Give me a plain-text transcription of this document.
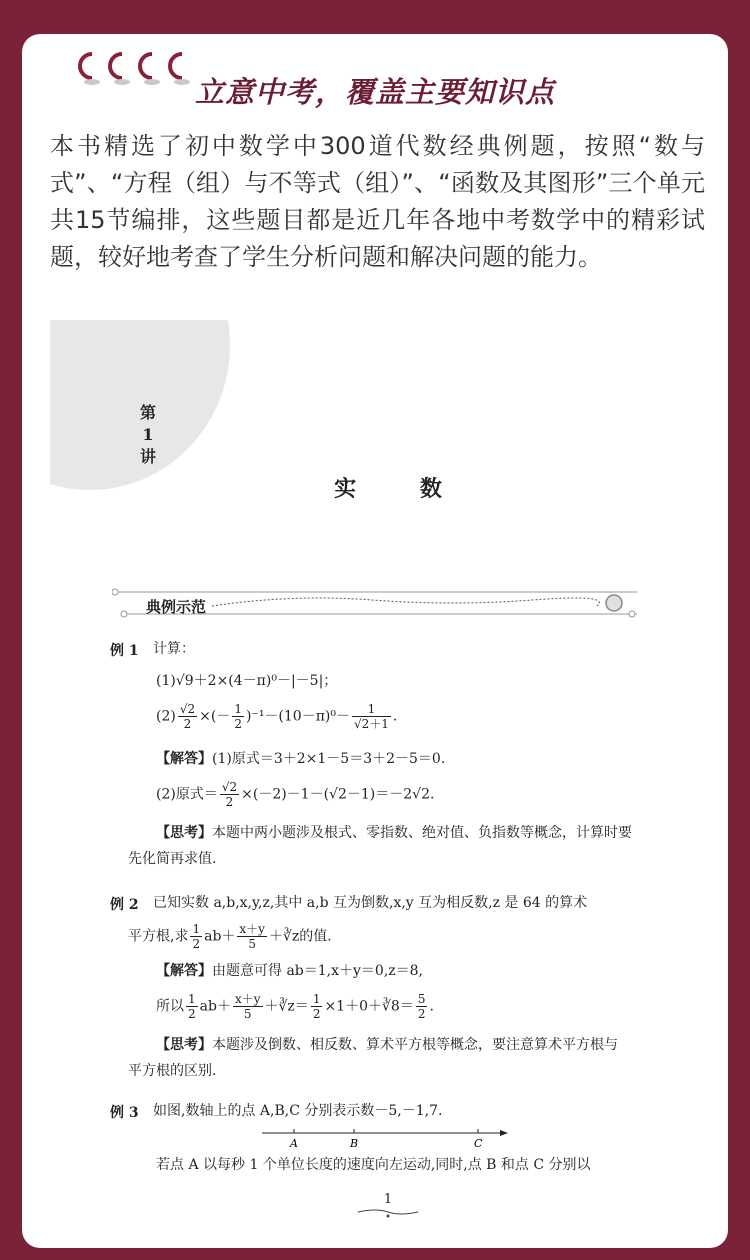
立意中考，覆盖主要知识点
本书精选了初中数学中300道代数经典例题，按照“数与式”、“方程（组）与不等式（组）”、“函数及其图形”三个单元共15节编排，这些题目都是近几年各地中考数学中的精彩试题，较好地考查了学生分析问题和解决问题的能力。
第
1
讲
实 数
典例示范
例 1 计算：
(1)√9＋2×(4－π)⁰－|－5|；
$(2) \frac{√2}{2}$ ×(－ $\frac{1}{2} )^{-1}-(10-\pi)^0- \frac{1}{√2+1}$ .
【解答】(1)原式＝3＋2×1－5＝3＋2－5＝0.
(2)原式＝ $\frac{√2}{2} \times(-2)-1-(√2-1)=-2√2$.
【思考】本题中两小题涉及根式、零指数、绝对值、负指数等概念，计算时要
先化简再求值.
例 2 已知实数 a,b,x,y,z,其中 a,b 互为倒数,x,y 互为相反数,z 是 64 的算术
平方根,求 $\frac{1}{2} ab+ \frac{x+y}{5}$ ＋∛z的值.
【解答】由题意可得 ab＝1,x＋y＝0,z＝8,
所以 $\frac{1}{2} ab+ \frac{x+y}{5}$ ＋∛z＝ $\frac{1}{2}$ ×1＋0＋∛8＝ $\frac{5}{2}$ .
【思考】本题涉及倒数、相反数、算术平方根等概念，要注意算术平方根与
平方根的区别.
例 3 如图,数轴上的点 A,B,C 分别表示数－5,－1,7.
A	B	C
若点 A 以每秒 1 个单位长度的速度向左运动,同时,点 B 和点 C 分别以
1
